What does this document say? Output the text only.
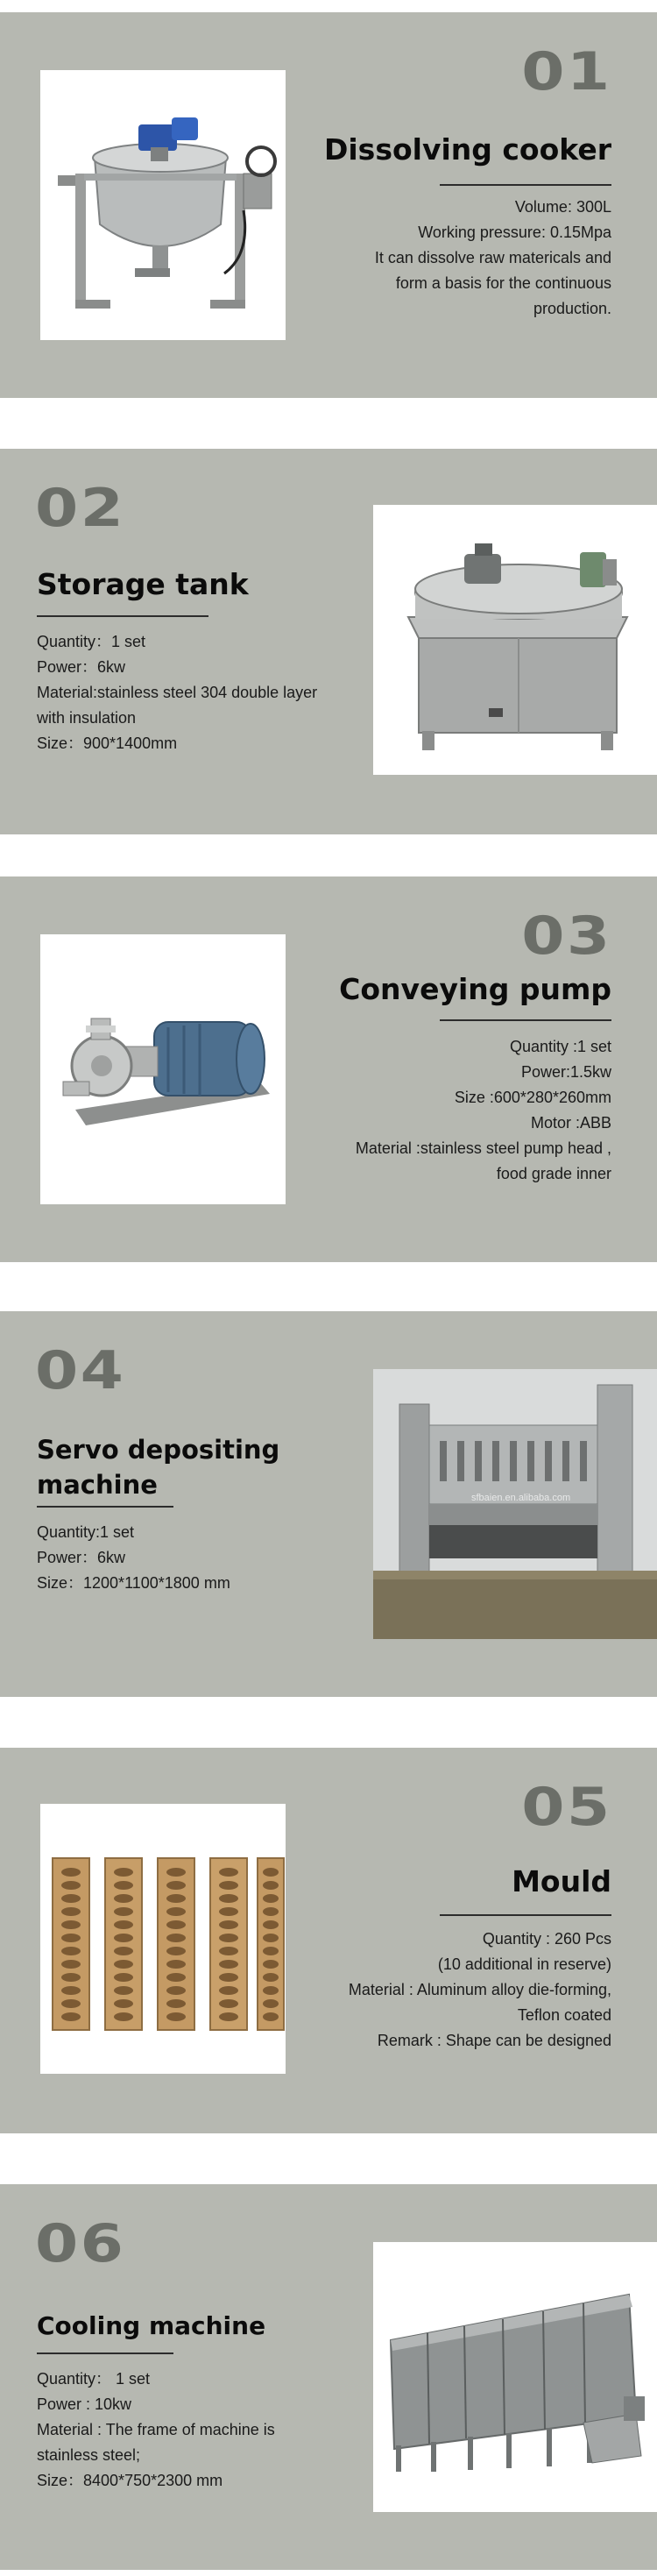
01
Dissolving cooker
Volume: 300L
Working pressure: 0.15Mpa
It can dissolve raw matericals and
form a basis for the continuous
production.
02
Storage tank
Quantity：1 set
Power：6kw
Material:stainless steel 304 double layer
with insulation
Size：900*1400mm
03
Conveying pump
Quantity :1 set
Power:1.5kw
Size :600*280*260mm
Motor :ABB
Material :stainless steel pump head ,
food grade inner
04
sfbaien.en.alibaba.com
Servo depositing
machine
Quantity:1 set
Power：6kw
Size：1200*1100*1800 mm
05
Mould
Quantity : 260 Pcs
(10 additional in reserve)
Material : Aluminum alloy die-forming,
Teflon coated
Remark : Shape can be designed
06
Cooling machine
Quantity： 1 set
Power : 10kw
Material : The frame of machine is
stainless steel;
Size：8400*750*2300 mm
